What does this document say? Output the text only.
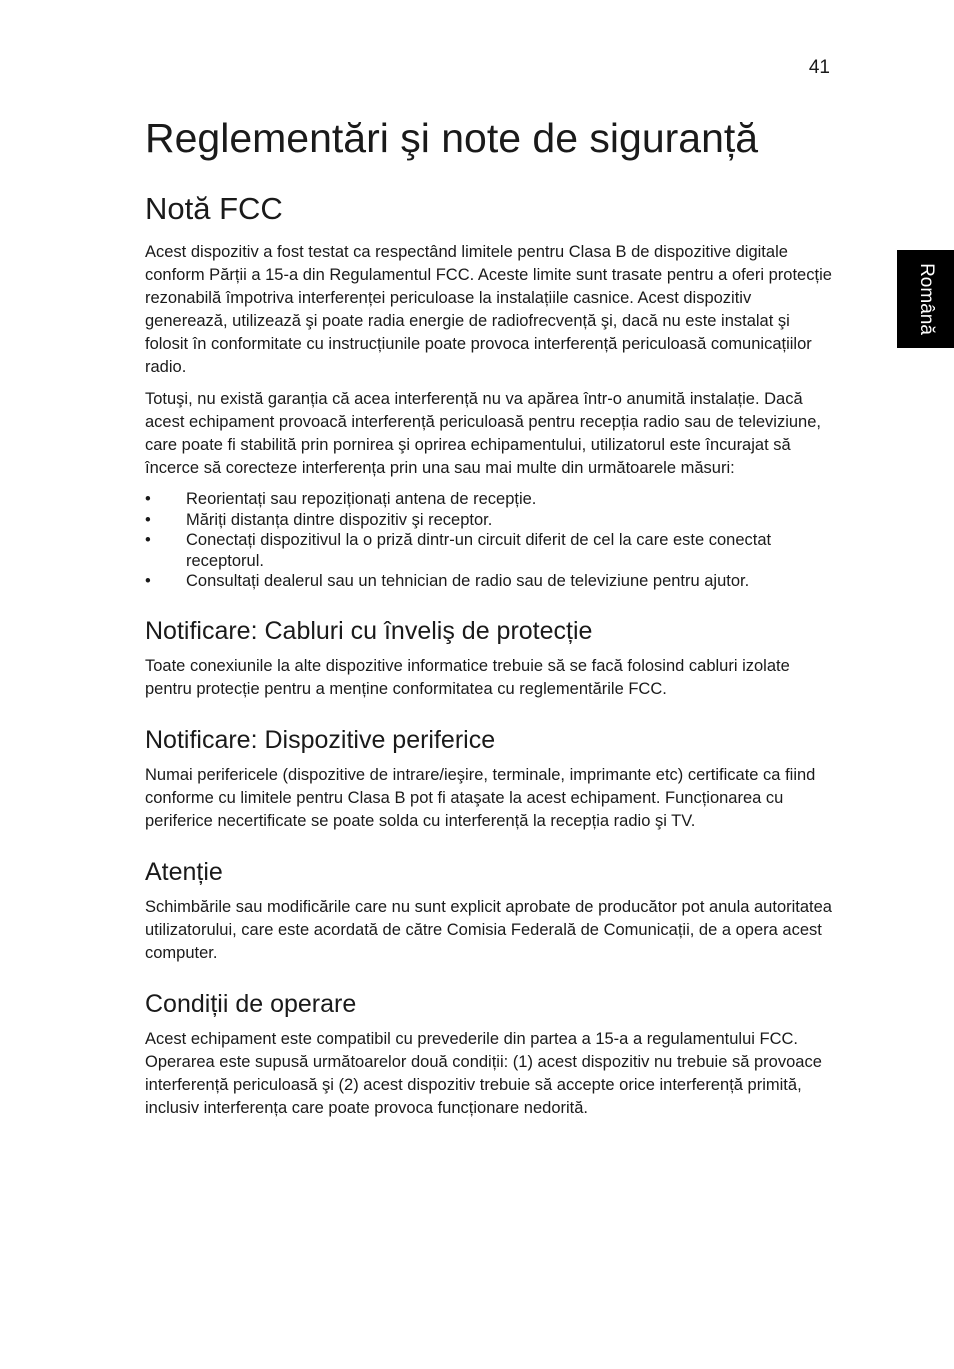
41
Română
Reglementări şi note de siguranță
Notă FCC

Acest dispozitiv a fost testat ca respectând limitele pentru Clasa B de dispozitive digitale conform Părții a 15-a din Regulamentul FCC. Aceste limite sunt trasate pentru a oferi protecție rezonabilă împotriva interferenței periculoase la instalațiile casnice. Acest dispozitiv generează, utilizează şi poate radia energie de radiofrecvență şi, dacă nu este instalat şi folosit în conformitate cu instrucțiunile poate provoca interferență periculoasă comunicațiilor radio.

Totuşi, nu există garanția că acea interferență nu va apărea într-o anumită instalație. Dacă acest echipament provoacă interferență periculoasă pentru recepția radio sau de televiziune, care poate fi stabilită prin pornirea şi oprirea echipamentului, utilizatorul este încurajat să încerce să corecteze interferența prin una sau mai multe din următoarele măsuri:

• Reorientați sau repoziționați antena de recepție.
• Măriți distanța dintre dispozitiv şi receptor.
• Conectați dispozitivul la o priză dintr-un circuit diferit de cel la care este conectat receptorul.
• Consultați dealerul sau un tehnician de radio sau de televiziune pentru ajutor.
Notificare: Cabluri cu înveliş de protecție

Toate conexiunile la alte dispozitive informatice trebuie să se facă folosind cabluri izolate pentru protecție pentru a menține conformitatea cu reglementările FCC.

Notificare: Dispozitive periferice

Numai perifericele (dispozitive de intrare/ieşire, terminale, imprimante etc) certificate ca fiind conforme cu limitele pentru Clasa B pot fi ataşate la acest echipament. Funcționarea cu periferice necertificate se poate solda cu interferență la recepția radio şi TV.

Atenție

Schimbările sau modificările care nu sunt explicit aprobate de producător pot anula autoritatea utilizatorului, care este acordată de către Comisia Federală de Comunicații, de a opera acest computer.

Condiții de operare

Acest echipament este compatibil cu prevederile din partea a 15-a a regulamentului FCC. Operarea este supusă următoarelor două condiții: (1) acest dispozitiv nu trebuie să provoace interferență periculoasă şi (2) acest dispozitiv trebuie să accepte orice interferență primită, inclusiv interferența care poate provoca funcționare nedorită.
